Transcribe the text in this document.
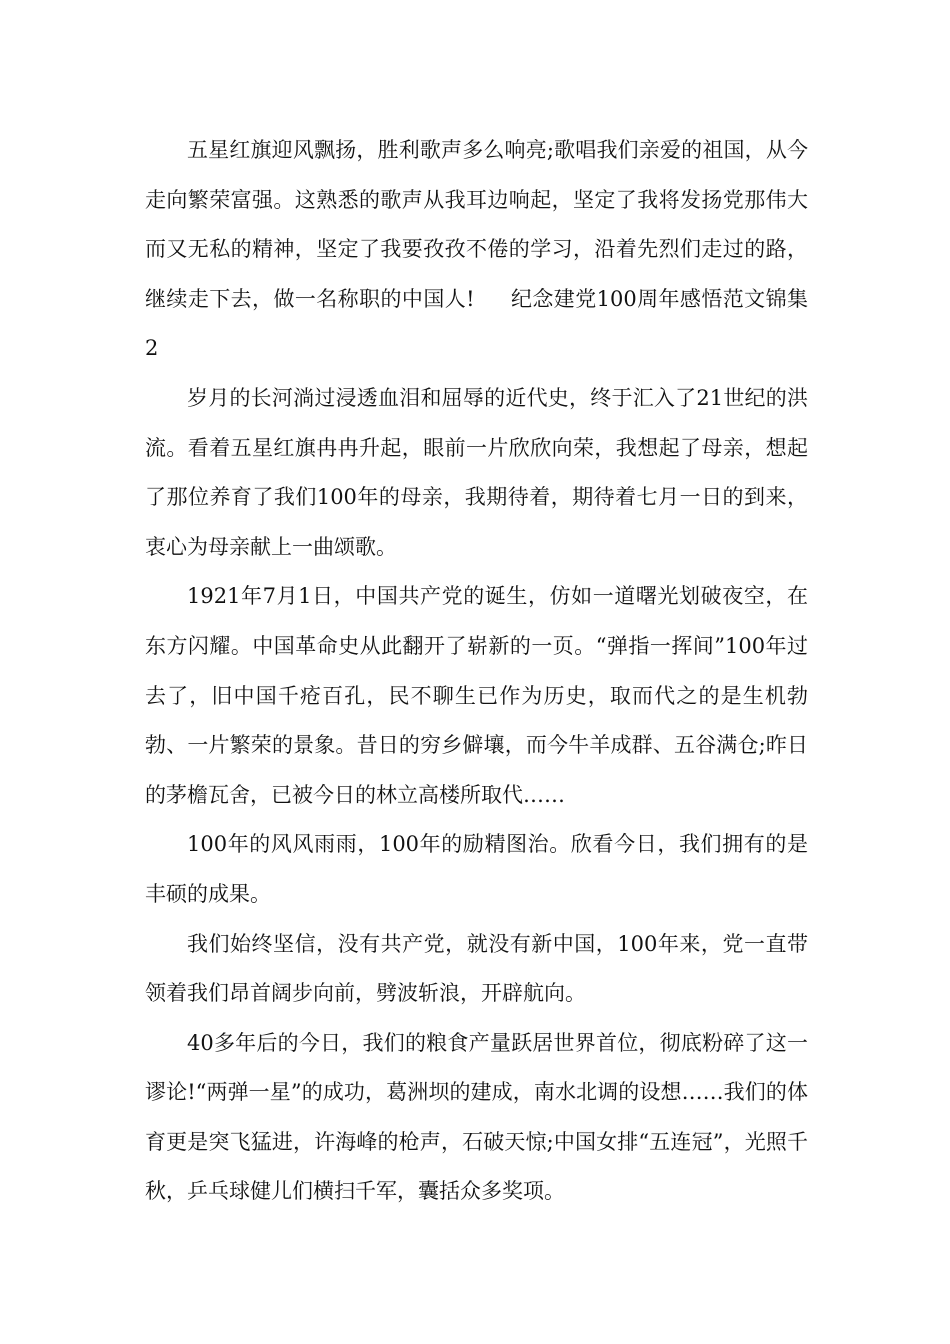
五星红旗迎风飘扬，胜利歌声多么响亮;歌唱我们亲爱的祖国，从今走向繁荣富强。这熟悉的歌声从我耳边响起，坚定了我将发扬党那伟大而又无私的精神，坚定了我要孜孜不倦的学习，沿着先烈们走过的路，继续走下去，做一名称职的中国人! 纪念建党100周年感悟范文锦集2

岁月的长河淌过浸透血泪和屈辱的近代史，终于汇入了21世纪的洪流。看着五星红旗冉冉升起，眼前一片欣欣向荣，我想起了母亲，想起了那位养育了我们100年的母亲，我期待着，期待着七月一日的到来，衷心为母亲献上一曲颂歌。

1921年7月1日，中国共产党的诞生，仿如一道曙光划破夜空，在东方闪耀。中国革命史从此翻开了崭新的一页。“弹指一挥间”100年过去了，旧中国千疮百孔，民不聊生已作为历史，取而代之的是生机勃勃、一片繁荣的景象。昔日的穷乡僻壤，而今牛羊成群、五谷满仓;昨日的茅檐瓦舍，已被今日的林立高楼所取代……

100年的风风雨雨，100年的励精图治。欣看今日，我们拥有的是丰硕的成果。

我们始终坚信，没有共产党，就没有新中国，100年来，党一直带领着我们昂首阔步向前，劈波斩浪，开辟航向。

40多年后的今日，我们的粮食产量跃居世界首位，彻底粉碎了这一谬论!“两弹一星”的成功，葛洲坝的建成，南水北调的设想……我们的体育更是突飞猛进，许海峰的枪声，石破天惊;中国女排“五连冠”，光照千秋，乒乓球健儿们横扫千军，囊括众多奖项。
